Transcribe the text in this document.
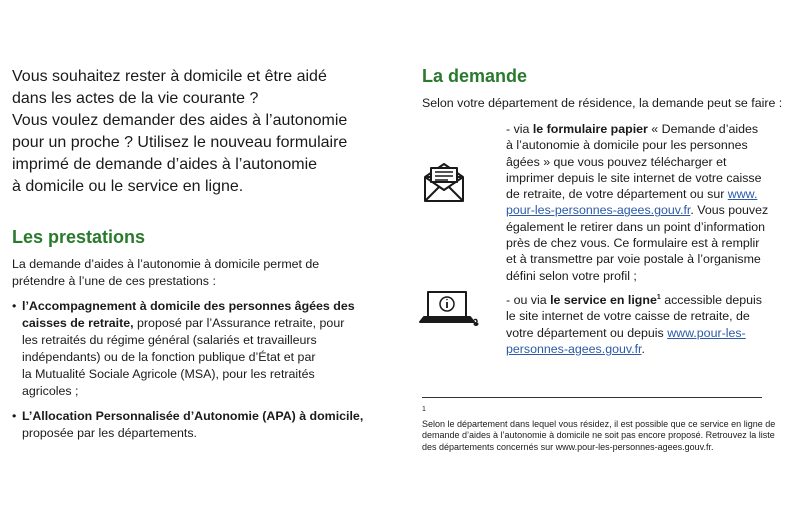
Vous souhaitez rester à domicile et être aidé
dans les actes de la vie courante ?
Vous voulez demander des aides à l’autonomie
pour un proche ? Utilisez le nouveau formulaire
imprimé de demande d’aides à l’autonomie
à domicile ou le service en ligne.

Les prestations

La demande d’aides à l’autonomie à domicile permet de
prétendre à l’une de ces prestations :

• l’Accompagnement à domicile des personnes âgées des
caisses de retraite, proposé par l’Assurance retraite, pour
les retraités du régime général (salariés et travailleurs
indépendants) ou de la fonction publique d’État et par
la Mutualité Sociale Agricole (MSA), pour les retraités
agricoles ;
• L’Allocation Personnalisée d’Autonomie (APA) à domicile,
proposée par les départements.
La demande

Selon votre département de résidence, la demande peut se faire :

- via le formulaire papier « Demande d’aides
à l’autonomie à domicile pour les personnes
âgées » que vous pouvez télécharger et
imprimer depuis le site internet de votre caisse
de retraite, de votre département ou sur www.
pour-les-personnes-agees.gouv.fr. Vous pouvez
également le retirer dans un point d’information
près de chez vous. Ce formulaire est à remplir
et à transmettre par voie postale à l’organisme
défini selon votre profil ;
- ou via le service en ligne$^1$ accessible depuis
le site internet de votre caisse de retraite, de
votre département ou depuis www.pour-les-
personnes-agees.gouv.fr.

$^1$
Selon le département dans lequel vous résidez, il est possible que ce service en ligne de
demande d’aides à l’autonomie à domicile ne soit pas encore proposé. Retrouvez la liste
des départements concernés sur www.pour-les-personnes-agees.gouv.fr.
